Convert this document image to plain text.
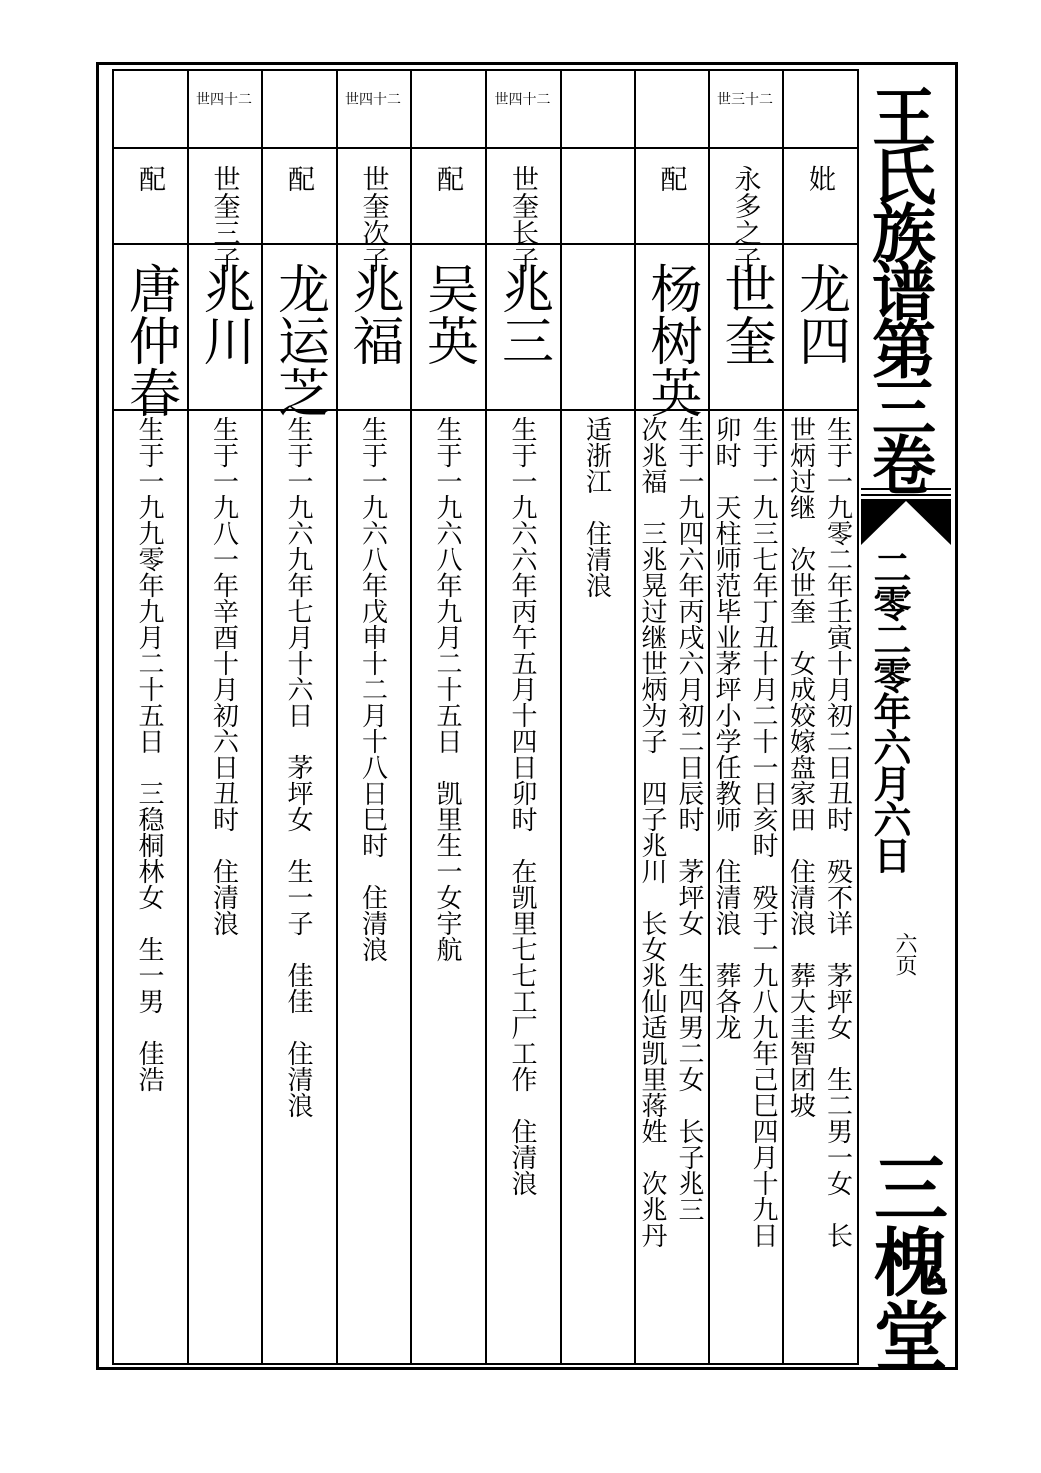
王氏族谱第三卷
二零二零年六月六日
六页
三槐堂
妣
龙四
生于一九零二年壬寅十月初二日丑时　殁不详　茅坪女　生二男一女　长
世炳过继　次世奎　女成姣嫁盘家田　住清浪　葬大圭智团坡
世三十二
永多之子
世奎
生于一九三七年丁丑十月二十一日亥时　殁于一九八九年己巳四月十九日
卯时　天柱师范毕业茅坪小学任教师　住清浪　葬各龙
配
杨树英
生于一九四六年丙戌六月初二日辰时　茅坪女　生四男二女　长子兆三
次兆福　三兆晃过继世炳为子　四子兆川　长女兆仙适凯里蒋姓　次兆丹
适浙江　住清浪
世四十二
世奎长子
兆三
生于一九六六年丙午五月十四日卯时　在凯里七七工厂工作　住清浪
配
吴英
生于一九六八年九月二十五日　凯里生一女宇航
世四十二
世奎次子
兆福
生于一九六八年戊申十二月十八日巳时　住清浪
配
龙运芝
生于一九六九年七月十六日　茅坪女　生一子　佳佳　住清浪
世四十二
世奎三子
兆川
生于一九八一年辛酉十月初六日丑时　住清浪
配
唐仲春
生于一九九零年九月二十五日　三稳桐林女　生一男　佳浩
